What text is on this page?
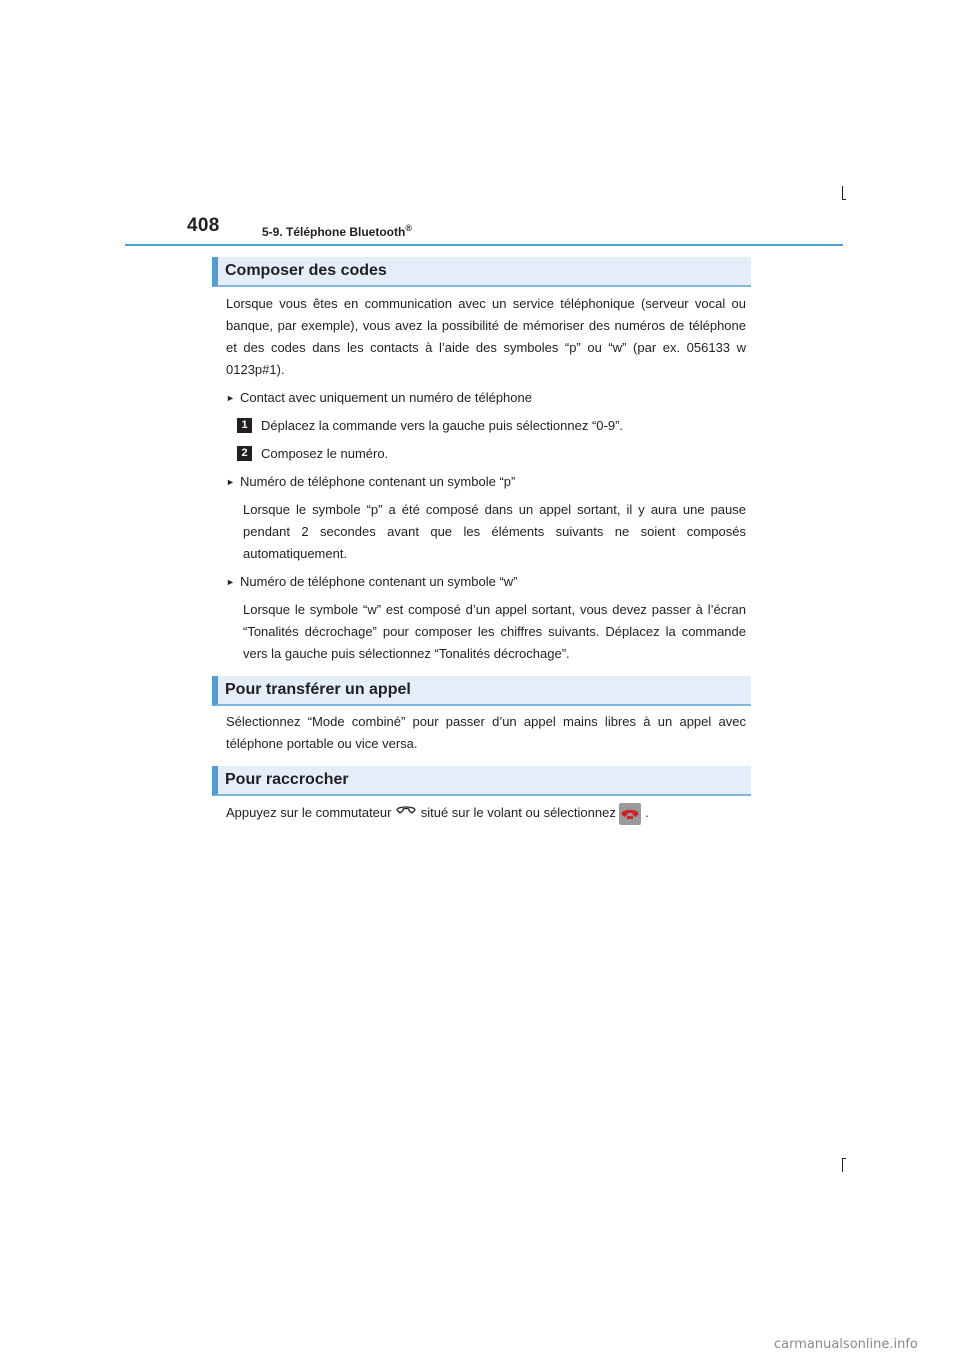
408	5-9. Téléphone Bluetooth®
Composer des codes

Lorsque vous êtes en communication avec un service téléphonique (serveur vocal ou banque, par exemple), vous avez la possibilité de mémoriser des numéros de téléphone et des codes dans les contacts à l’aide des symboles “p” ou “w” (par ex. 056133 w 0123p#1).

► Contact avec uniquement un numéro de téléphone
1	Déplacez la commande vers la gauche puis sélectionnez “0-9”.
2	Composez le numéro.
► Numéro de téléphone contenant un symbole “p”

Lorsque le symbole “p” a été composé dans un appel sortant, il y aura une pause pendant 2 secondes avant que les éléments suivants ne soient composés automatiquement.

► Numéro de téléphone contenant un symbole “w”

Lorsque le symbole “w” est composé d’un appel sortant, vous devez passer à l’écran “Tonalités décrochage” pour composer les chiffres suivants. Déplacez la commande vers la gauche puis sélectionnez “Tonalités décrochage”.

Pour transférer un appel

Sélectionnez “Mode combiné” pour passer d’un appel mains libres à un appel avec téléphone portable ou vice versa.

Pour raccrocher
Appuyez sur le commutateur situé sur le volant ou sélectionnez .
carmanualsonline.info
